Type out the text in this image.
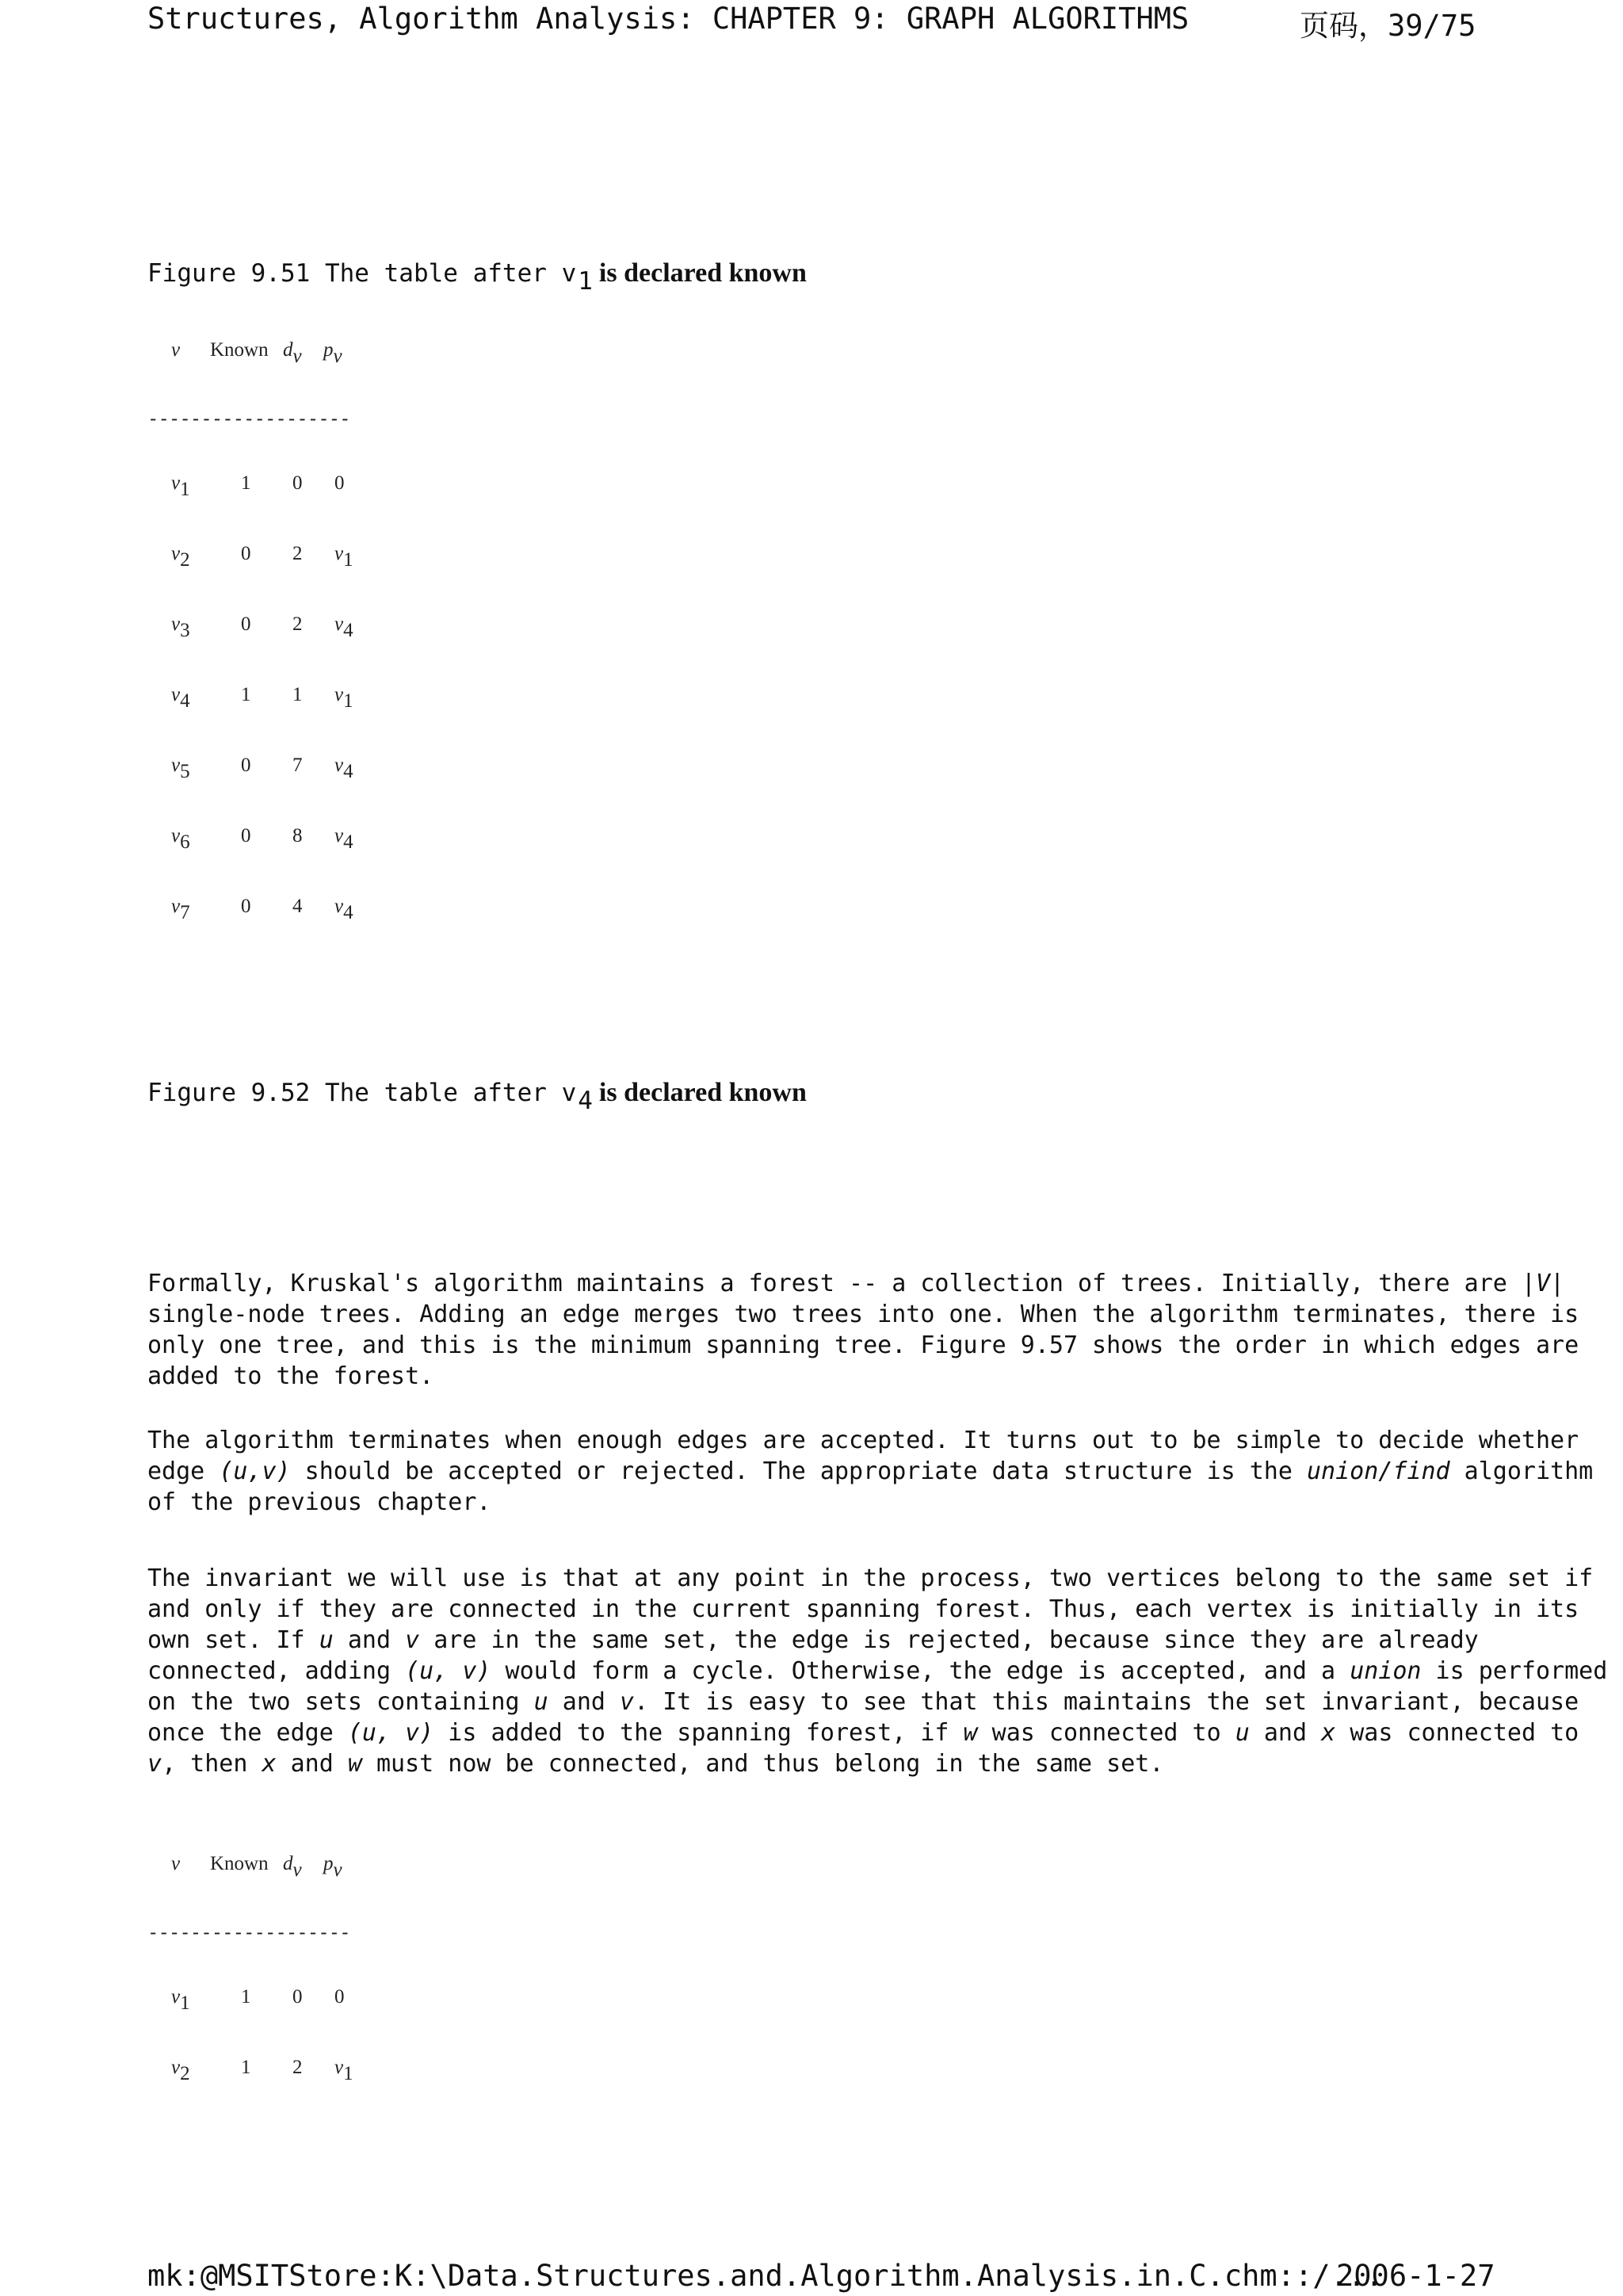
Structures, Algorithm Analysis: CHAPTER 9: GRAPH ALGORITHMS	页码，39/75
Figure 9.51 The table after v1 is declared known
v Known dv pv
-------------------
v1	1 0 0
v2	0 2 v1
v3	0 2 v4
v4	1 1 v1
v5	0 7 v4
v6	0 8 v4
v7	0 4 v4
Figure 9.52 The table after v4 is declared known
Formally, Kruskal's algorithm maintains a forest -- a collection of trees. Initially, there are |V| single-node trees. Adding an edge merges two trees into one. When the algorithm terminates, there is only one tree, and this is the minimum spanning tree. Figure 9.57 shows the order in which edges are added to the forest.
The algorithm terminates when enough edges are accepted. It turns out to be simple to decide whether edge (u,v) should be accepted or rejected. The appropriate data structure is the union/find algorithm of the previous chapter.
The invariant we will use is that at any point in the process, two vertices belong to the same set if and only if they are connected in the current spanning forest. Thus, each vertex is initially in its own set. If u and v are in the same set, the edge is rejected, because since they are already connected, adding (u, v) would form a cycle. Otherwise, the edge is accepted, and a union is performed on the two sets containing u and v. It is easy to see that this maintains the set invariant, because once the edge (u, v) is added to the spanning forest, if w was connected to u and x was connected to v, then x and w must now be connected, and thus belong in the same set.
v Known dv pv
-------------------
v1	1 0 0
v2	1 2 v1
mk:@MSITStore:K:\Data.Structures.and.Algorithm.Analysis.in.C.chm::/...
2006-1-27
